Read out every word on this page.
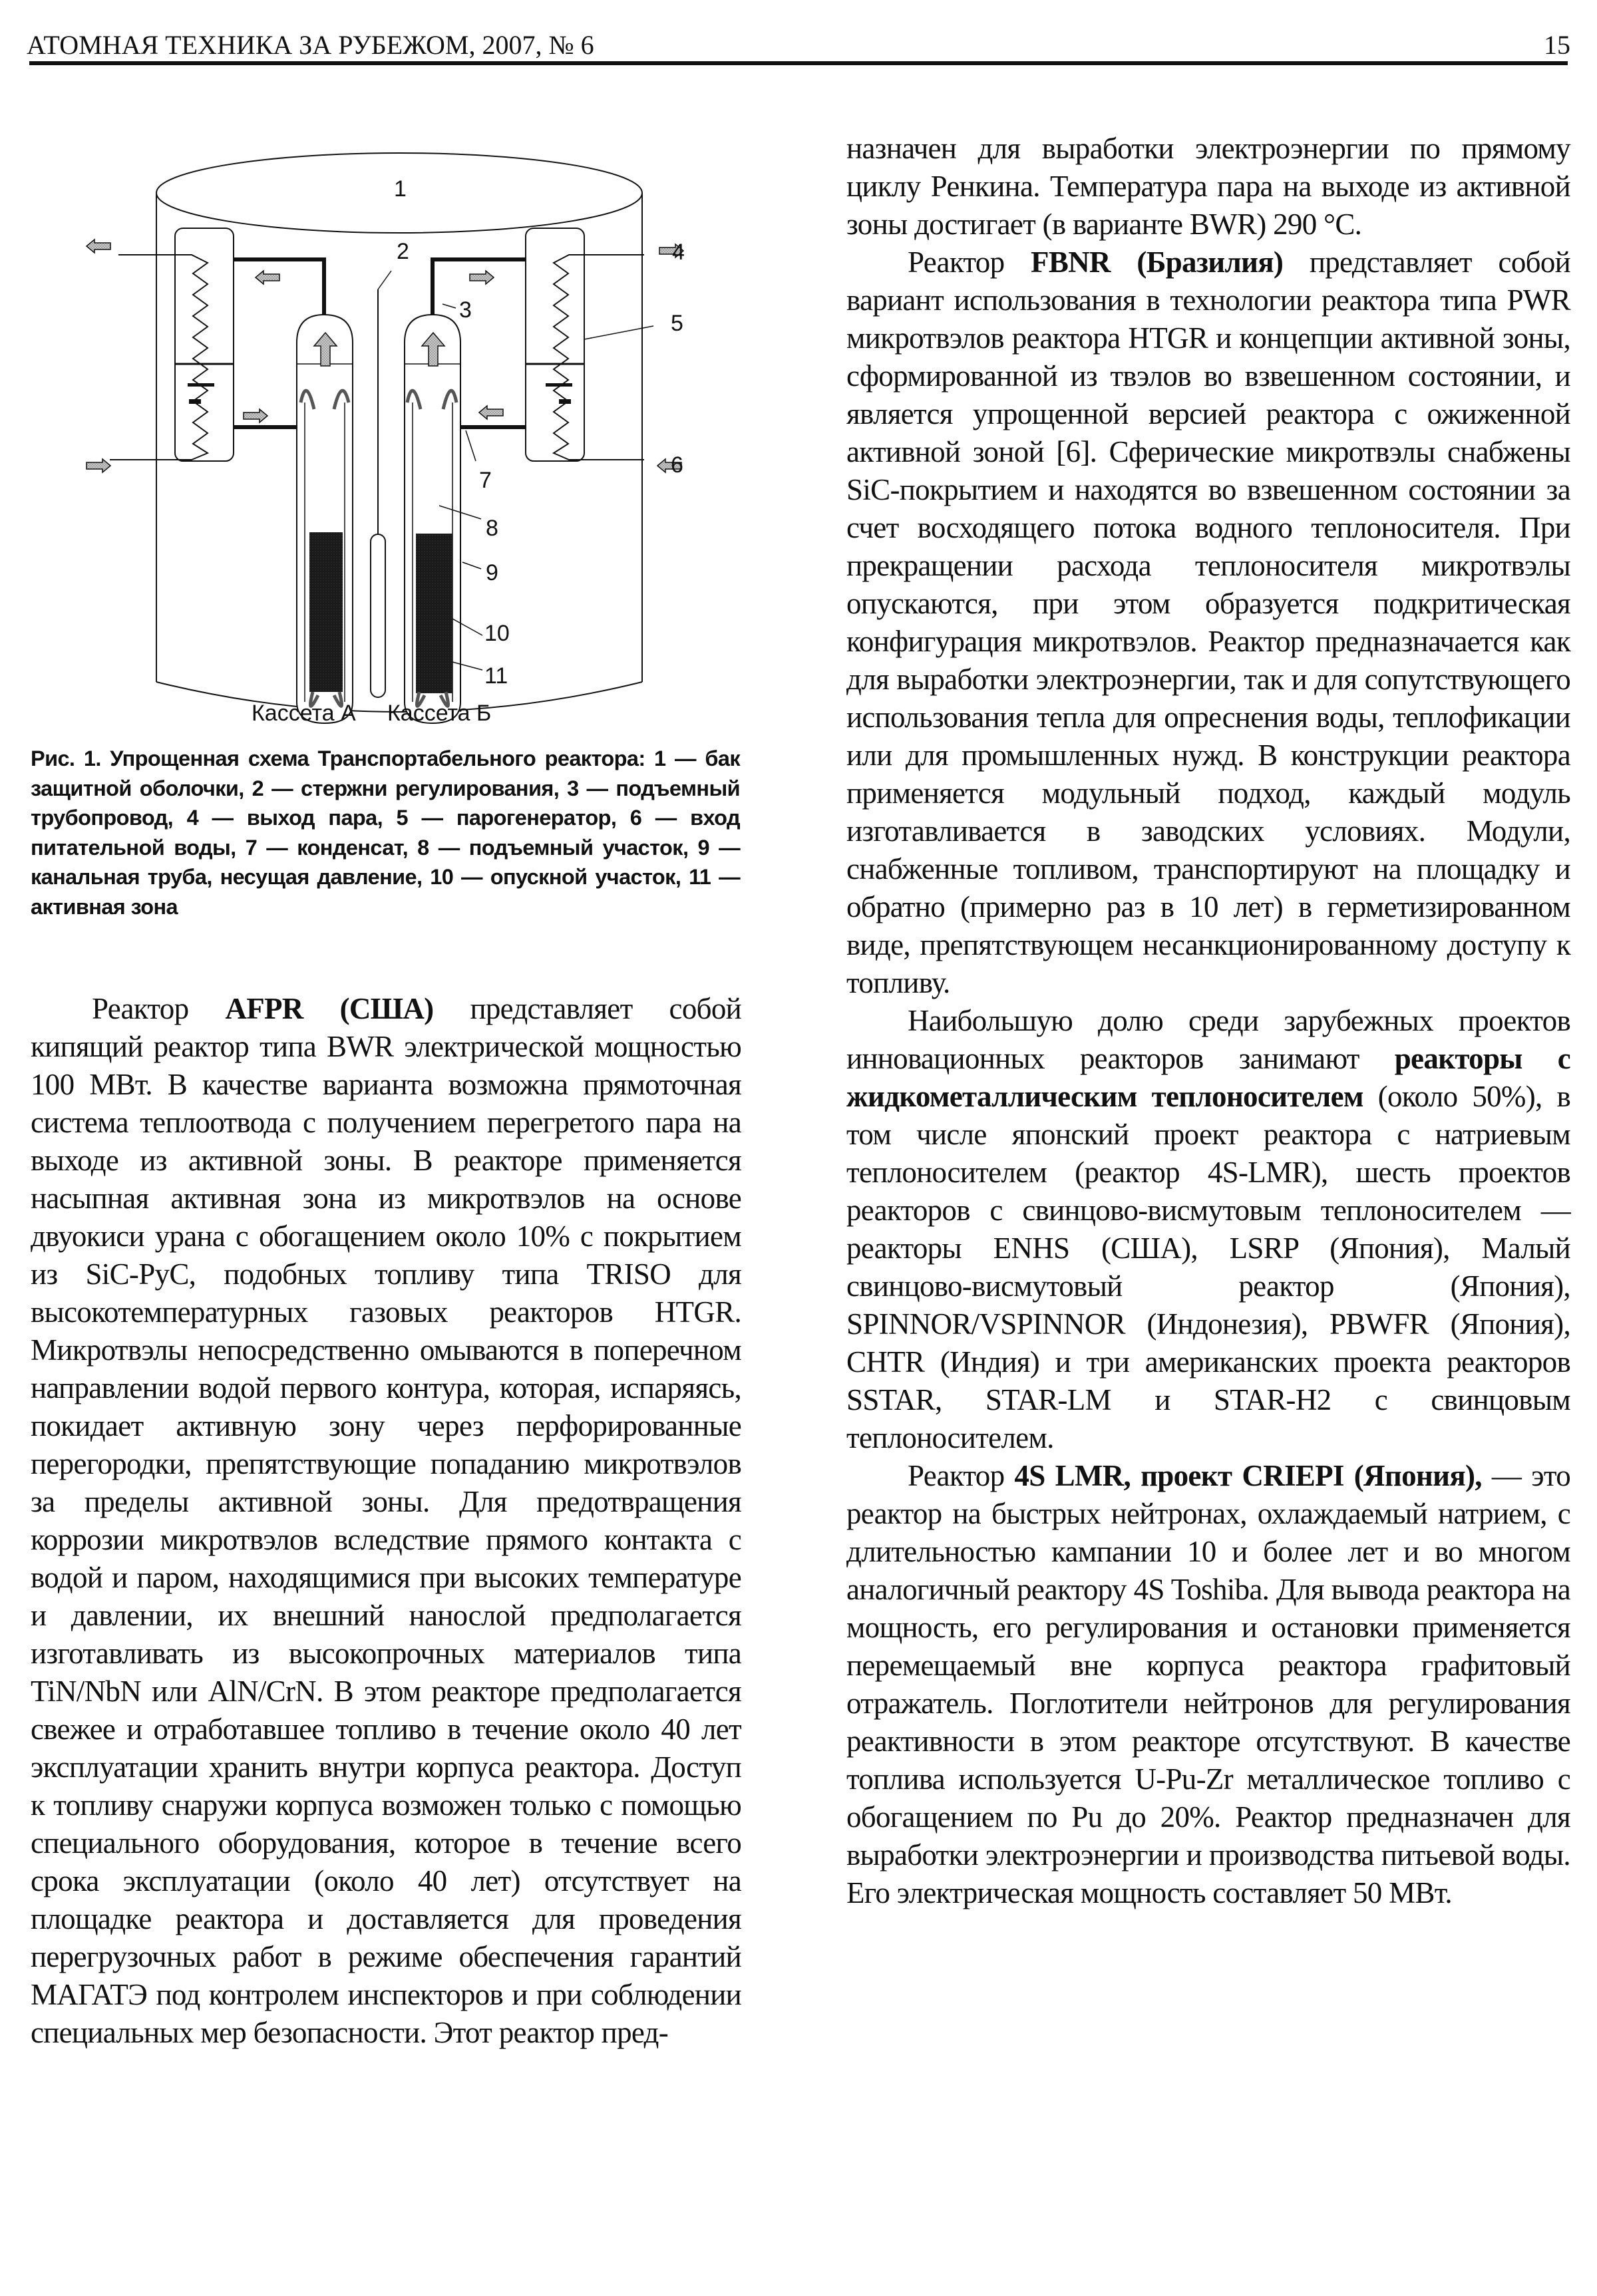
АТОМНАЯ ТЕХНИКА ЗА РУБЕЖОМ, 2007, № 6	15
1
2
3
4
5
6
7
8
9
10
11
Кассета А Кассета Б
Рис. 1. Упрощенная схема Транспортабельного реактора: 1 — бак защитной оболочки, 2 — стержни регулирования, 3 — подъемный трубопровод, 4 — выход пара, 5 — парогенератор, 6 — вход питательной воды, 7 — конденсат, 8 — подъемный участок, 9 — канальная труба, несущая давление, 10 — опускной участок, 11 — активная зона

Реактор AFPR (США) представляет собой кипящий реактор типа BWR электрической мощностью 100 МВт. В качестве варианта возможна прямоточная система теплоотвода с получением перегретого пара на выходе из активной зоны. В реакторе применяется насыпная активная зона из микротвэлов на основе двуокиси урана с обогащением около 10% с покрытием из SiC-PyC, подобных топливу типа TRISO для высокотемпературных газовых реакторов HTGR. Микротвэлы непосредственно омываются в поперечном направлении водой первого контура, которая, испаряясь, покидает активную зону через перфорированные перегородки, препятствующие попаданию микротвэлов за пределы активной зоны. Для предотвращения коррозии микротвэлов вследствие прямого контакта с водой и паром, находящимися при высоких температуре и давлении, их внешний нанослой предполагается изготавливать из высокопрочных материалов типа TiN/NbN или AlN/CrN. В этом реакторе предполагается свежее и отработавшее топливо в течение около 40 лет эксплуатации хранить внутри корпуса реактора. Доступ к топливу снаружи корпуса возможен только с помощью специального оборудования, которое в течение всего срока эксплуатации (около 40 лет) отсутствует на площадке реактора и доставляется для проведения перегрузочных работ в режиме обеспечения гарантий МАГАТЭ под контролем инспекторов и при соблюдении специальных мер безопасности. Этот реактор пред-

назначен для выработки электроэнергии по прямому циклу Ренкина. Температура пара на выходе из активной зоны достигает (в варианте BWR) 290 °С.

Реактор FBNR (Бразилия) представляет собой вариант использования в технологии реактора типа PWR микротвэлов реактора HTGR и концепции активной зоны, сформированной из твэлов во взвешенном состоянии, и является упрощенной версией реактора с ожиженной активной зоной [6]. Сферические микротвэлы снабжены SiC-покрытием и находятся во взвешенном состоянии за счет восходящего потока водного теплоносителя. При прекращении расхода теплоносителя микротвэлы опускаются, при этом образуется подкритическая конфигурация микротвэлов. Реактор предназначается как для выработки электроэнергии, так и для сопутствующего использования тепла для опреснения воды, теплофикации или для промышленных нужд. В конструкции реактора применяется модульный подход, каждый модуль изготавливается в заводских условиях. Модули, снабженные топливом, транспортируют на площадку и обратно (примерно раз в 10 лет) в герметизированном виде, препятствующем несанкционированному доступу к топливу.

Наибольшую долю среди зарубежных проектов инновационных реакторов занимают реакторы с жидкометаллическим теплоносителем (около 50%), в том числе японский проект реактора с натриевым теплоносителем (реактор 4S-LMR), шесть проектов реакторов с свинцово-висмутовым теплоносителем — реакторы ENHS (США), LSRP (Япония), Малый свинцово-висмутовый реактор (Япония), SPINNOR/VSPINNOR (Индонезия), PBWFR (Япония), CHTR (Индия) и три американских проекта реакторов SSTAR, STAR-LM и STAR-H2 с свинцовым теплоносителем.

Реактор 4S LMR, проект CRIEPI (Япония), — это реактор на быстрых нейтронах, охлаждаемый натрием, с длительностью кампании 10 и более лет и во многом аналогичный реактору 4S Toshiba. Для вывода реактора на мощность, его регулирования и остановки применяется перемещаемый вне корпуса реактора графитовый отражатель. Поглотители нейтронов для регулирования реактивности в этом реакторе отсутствуют. В качестве топлива используется U-Pu-Zr металлическое топливо с обогащением по Pu до 20%. Реактор предназначен для выработки электроэнергии и производства питьевой воды. Его электрическая мощность составляет 50 МВт.
